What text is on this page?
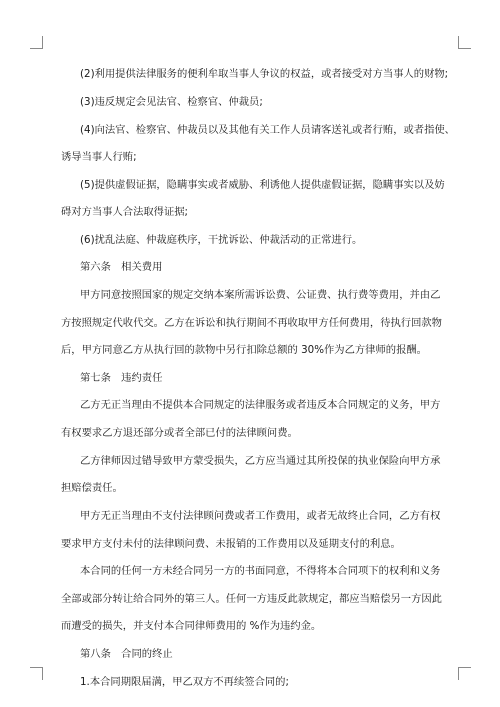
(2)利用提供法律服务的便利牟取当事人争议的权益，或者接受对方当事人的财物;
(3)违反规定会见法官、检察官、仲裁员;
(4)向法官、检察官、仲裁员以及其他有关工作人员请客送礼或者行贿，或者指使、
诱导当事人行贿;
(5)提供虚假证据，隐瞒事实或者威胁、利诱他人提供虚假证据，隐瞒事实以及妨
碍对方当事人合法取得证据;
(6)扰乱法庭、仲裁庭秩序，干扰诉讼、仲裁活动的正常进行。
第六条　相关费用
甲方同意按照国家的规定交纳本案所需诉讼费、公证费、执行费等费用，并由乙
方按照规定代收代交。乙方在诉讼和执行期间不再收取甲方任何费用，待执行回款物
后，甲方同意乙方从执行回的款物中另行扣除总额的 30%作为乙方律师的报酬。
第七条　违约责任
乙方无正当理由不提供本合同规定的法律服务或者违反本合同规定的义务，甲方
有权要求乙方退还部分或者全部已付的法律顾问费。
乙方律师因过错导致甲方蒙受损失，乙方应当通过其所投保的执业保险向甲方承
担赔偿责任。
甲方无正当理由不支付法律顾问费或者工作费用，或者无故终止合同，乙方有权
要求甲方支付未付的法律顾问费、未报销的工作费用以及延期支付的利息。
本合同的任何一方未经合同另一方的书面同意，不得将本合同项下的权利和义务
全部或部分转让给合同外的第三人。任何一方违反此款规定，都应当赔偿另一方因此
而遭受的损失，并支付本合同律师费用的 %作为违约金。
第八条　合同的终止
1.本合同期限届满，甲乙双方不再续签合同的;
